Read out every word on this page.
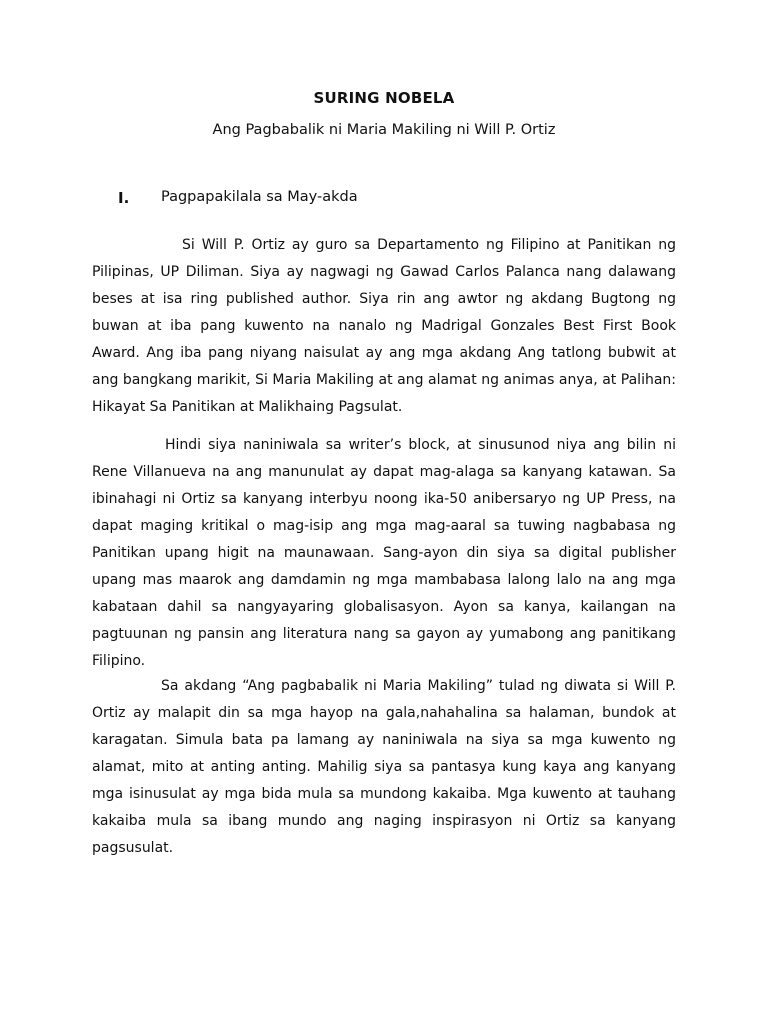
SURING NOBELA
Ang Pagbabalik ni Maria Makiling ni Will P. Ortiz
I. Pagpapakilala sa May-akda

Si Will P. Ortiz ay guro sa Departamento ng Filipino at Panitikan ng Pilipinas, UP Diliman. Siya ay nagwagi ng Gawad Carlos Palanca nang dalawang beses at isa ring published author. Siya rin ang awtor ng akdang Bugtong ng buwan at iba pang kuwento na nanalo ng Madrigal Gonzales Best First Book Award. Ang iba pang niyang naisulat ay ang mga akdang Ang tatlong bubwit at ang bangkang marikit, Si Maria Makiling at ang alamat ng animas anya, at Palihan: Hikayat Sa Panitikan at Malikhaing Pagsulat.

Hindi siya naniniwala sa writer’s block, at sinusunod niya ang bilin ni Rene Villanueva na ang manunulat ay dapat mag-alaga sa kanyang katawan. Sa ibinahagi ni Ortiz sa kanyang interbyu noong ika-50 anibersaryo ng UP Press, na dapat maging kritikal o mag-isip ang mga mag-aaral sa tuwing nagbabasa ng Panitikan upang higit na maunawaan. Sang-ayon din siya sa digital publisher upang mas maarok ang damdamin ng mga mambabasa lalong lalo na ang mga kabataan dahil sa nangyayaring globalisasyon. Ayon sa kanya, kailangan na pagtuunan ng pansin ang literatura nang sa gayon ay yumabong ang panitikang Filipino.

Sa akdang “Ang pagbabalik ni Maria Makiling” tulad ng diwata si Will P. Ortiz ay malapit din sa mga hayop na gala,nahahalina sa halaman, bundok at karagatan. Simula bata pa lamang ay naniniwala na siya sa mga kuwento ng alamat, mito at anting anting. Mahilig siya sa pantasya kung kaya ang kanyang mga isinusulat ay mga bida mula sa mundong kakaiba. Mga kuwento at tauhang kakaiba mula sa ibang mundo ang naging inspirasyon ni Ortiz sa kanyang pagsusulat.
